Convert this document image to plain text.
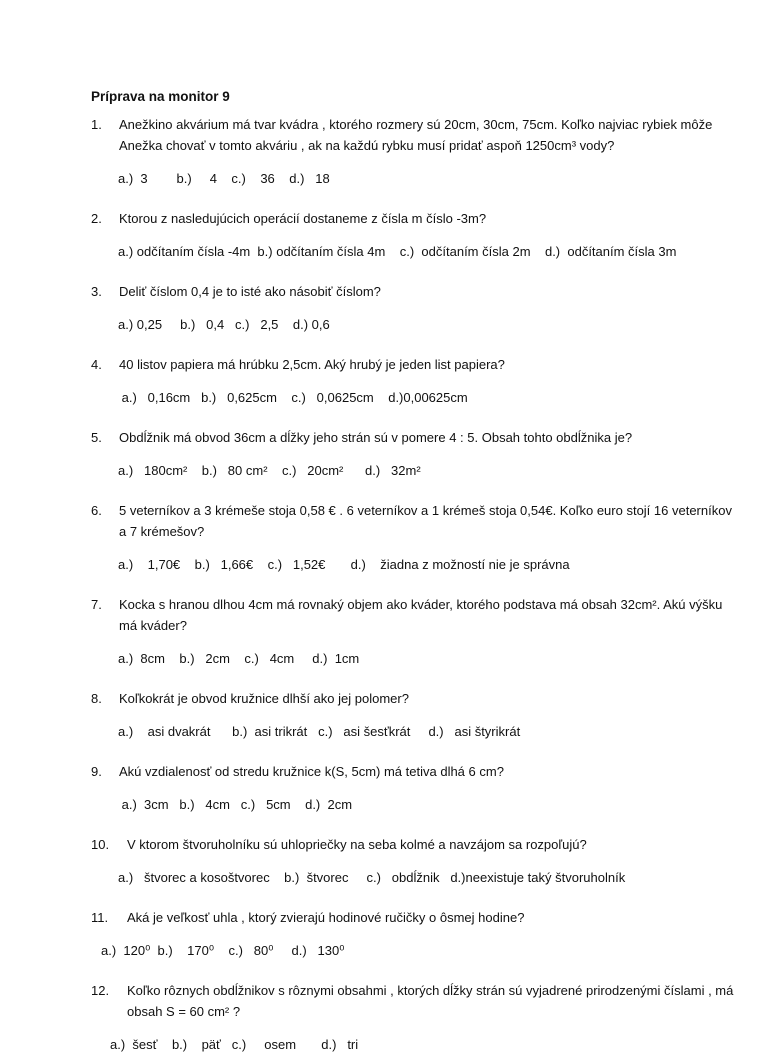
Príprava na monitor 9
1.	Anežkino akvárium má tvar kvádra , ktorého rozmery sú 20cm, 30cm, 75cm. Koľko najviac rybiek môže Anežka chovať v tomto akváriu , ak na každú rybku musí pridať aspoň 1250cm³ vody?
a.)  3        b.)     4    c.)    36    d.)   18
2.	Ktorou z nasledujúcich operácií dostaneme z čísla m číslo -3m?
a.) odčítaním čísla -4m  b.) odčítaním čísla 4m    c.)  odčítaním čísla 2m    d.)  odčítaním čísla 3m
3.	Deliť číslom 0,4 je to isté ako násobiť číslom?
a.) 0,25     b.)   0,4   c.)   2,5    d.) 0,6
4.	40 listov papiera má hrúbku 2,5cm. Aký hrubý je jeden list papiera?
a.)   0,16cm   b.)   0,625cm    c.)   0,0625cm    d.)0,00625cm
5.	Obdĺžnik má obvod 36cm a dĺžky jeho strán sú v pomere 4 : 5. Obsah tohto obdĺžnika je?
a.)   180cm²    b.)   80 cm²    c.)   20cm²      d.)   32m²
6.	5 veterníkov a 3 krémeše stoja 0,58 € . 6 veterníkov a 1 krémeš stoja 0,54€. Koľko euro stojí 16 veterníkov a 7 krémešov?
a.)    1,70€    b.)   1,66€    c.)   1,52€       d.)    žiadna z možností nie je správna
7.	Kocka s hranou dlhou 4cm má rovnaký objem ako kváder, ktorého podstava má obsah 32cm². Akú výšku má kváder?
a.)  8cm    b.)   2cm    c.)   4cm     d.)  1cm
8.	Koľkokrát je obvod kružnice dlhší ako jej polomer?
a.)    asi dvakrát      b.)  asi trikrát   c.)   asi šesťkrát     d.)   asi štyrikrát
9.	Akú vzdialenosť od stredu kružnice k(S, 5cm) má tetiva dlhá 6 cm?
a.)  3cm   b.)   4cm   c.)   5cm    d.)  2cm
10.	V ktorom štvoruholníku sú uhlopriečky na seba kolmé a navzájom sa rozpoľujú?
a.)   štvorec a kosoštvorec    b.)  štvorec     c.)   obdĺžnik   d.)neexistuje taký štvoruholník
11.	Aká je veľkosť uhla , ktorý zvierajú hodinové ručičky o ôsmej hodine?
a.)  120⁰  b.)    170⁰    c.)   80⁰     d.)   130⁰
12.	Koľko rôznych obdĺžnikov s rôznymi obsahmi , ktorých dĺžky strán sú vyjadrené prirodzenými číslami , má obsah S = 60 cm² ?
a.)  šesť    b.)    päť   c.)     osem       d.)   tri
